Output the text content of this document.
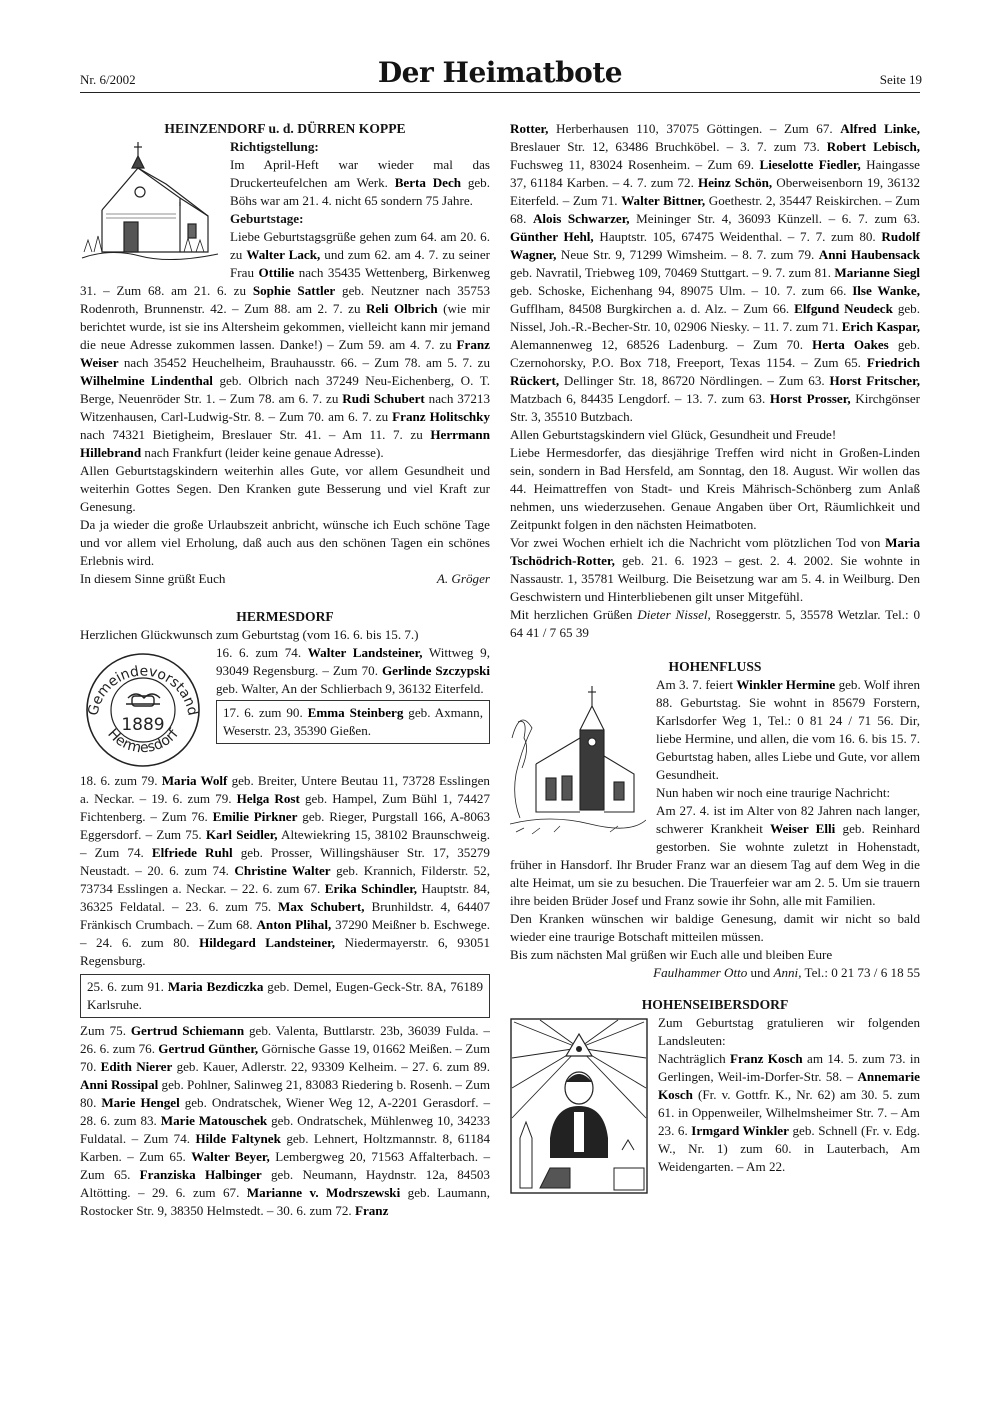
Nr. 6/2002	Der Heimatbote	Seite 19

HEINZENDORF u. d. DÜRREN KOPPE

Richtigstellung:
Im April-Heft war wieder mal das Druckerteufelchen am Werk. Berta Dech geb. Böhs war am 21. 4. nicht 65 sondern 75 Jahre.
Geburtstage:
Liebe Geburtstagsgrüße gehen zum 64. am 20. 6. zu Walter Lack, und zum 62. am 4. 7. zu seiner Frau Ottilie nach 35435 Wettenberg, Birkenweg 31. – Zum 68. am 21. 6. zu Sophie Sattler geb. Neutzner nach 35753 Rodenroth, Brunnenstr. 42. – Zum 88. am 2. 7. zu Reli Olbrich (wie mir berichtet wurde, ist sie ins Altersheim gekommen, vielleicht kann mir jemand die neue Adresse zukommen lassen. Danke!) – Zum 59. am 4. 7. zu Franz Weiser nach 35452 Heuchelheim, Brauhausstr. 66. – Zum 78. am 5. 7. zu Wilhelmine Lindenthal geb. Olbrich nach 37249 Neu-Eichenberg, O. T. Berge, Neuenröder Str. 1. – Zum 78. am 6. 7. zu Rudi Schubert nach 37213 Witzenhausen, Carl-Ludwig-Str. 8. – Zum 70. am 6. 7. zu Franz Holitschky nach 74321 Bietigheim, Breslauer Str. 41. – Am 11. 7. zu Herrmann Hillebrand nach Frankfurt (leider keine genaue Adresse).

Allen Geburtstagskindern weiterhin alles Gute, vor allem Gesundheit und weiterhin Gottes Segen. Den Kranken gute Besserung und viel Kraft zur Genesung.

Da ja wieder die große Urlaubszeit anbricht, wünsche ich Euch schöne Tage und vor allem viel Erholung, daß auch aus den schönen Tagen ein schönes Erlebnis wird.

In diesem Sinne grüßt Euch	A. Gröger

HERMESDORF

Herzlichen Glückwunsch zum Geburtstag (vom 16. 6. bis 15. 7.)

Gemeindevorstand
Hermesdorf
1889

16. 6. zum 74. Walter Landsteiner, Wittweg 9, 93049 Regensburg. – Zum 70. Gerlinde Szczypski geb. Walter, An der Schlierbach 9, 36132 Eiterfeld.

17. 6. zum 90. Emma Steinberg geb. Axmann, Weserstr. 23, 35390 Gießen.

18. 6. zum 79. Maria Wolf geb. Breiter, Untere Beutau 11, 73728 Esslingen a. Neckar. – 19. 6. zum 79. Helga Rost geb. Hampel, Zum Bühl 1, 74427 Fichtenberg. – Zum 76. Emilie Pirkner geb. Rieger, Purgstall 166, A-8063 Eggersdorf. – Zum 75. Karl Seidler, Altewiekring 15, 38102 Braunschweig. – Zum 74. Elfriede Ruhl geb. Prosser, Willingshäuser Str. 17, 35279 Neustadt. – 20. 6. zum 74. Christine Walter geb. Krannich, Filderstr. 52, 73734 Esslingen a. Neckar. – 22. 6. zum 67. Erika Schindler, Hauptstr. 84, 36325 Feldatal. – 23. 6. zum 75. Max Schubert, Brunhildstr. 4, 64407 Fränkisch Crumbach. – Zum 68. Anton Plihal, 37290 Meißner b. Eschwege. – 24. 6. zum 80. Hildegard Landsteiner, Niedermayerstr. 6, 93051 Regensburg.

25. 6. zum 91. Maria Bezdiczka geb. Demel, Eugen-Geck-Str. 8A, 76189 Karlsruhe.

Zum 75. Gertrud Schiemann geb. Valenta, Buttlarstr. 23b, 36039 Fulda. – 26. 6. zum 76. Gertrud Günther, Görnische Gasse 19, 01662 Meißen. – Zum 70. Edith Nierer geb. Kauer, Adlerstr. 22, 93309 Kelheim. – 27. 6. zum 89. Anni Rossipal geb. Pohlner, Salinweg 21, 83083 Riedering b. Rosenh. – Zum 80. Marie Hengel geb. Ondratschek, Wiener Weg 12, A-2201 Gerasdorf. – 28. 6. zum 83. Marie Matouschek geb. Ondratschek, Mühlenweg 10, 34233 Fuldatal. – Zum 74. Hilde Faltynek geb. Lehnert, Holtzmannstr. 8, 61184 Karben. – Zum 65. Walter Beyer, Lembergweg 20, 71563 Affalterbach. – Zum 65. Franziska Halbinger geb. Neumann, Haydnstr. 12a, 84503 Altötting. – 29. 6. zum 67. Marianne v. Modrszewski geb. Laumann, Rostocker Str. 9, 38350 Helmstedt. – 30. 6. zum 72. Franz

Rotter, Herberhausen 110, 37075 Göttingen. – Zum 67. Alfred Linke, Breslauer Str. 12, 63486 Bruchköbel. – 3. 7. zum 73. Robert Lebisch, Fuchsweg 11, 83024 Rosenheim. – Zum 69. Lieselotte Fiedler, Haingasse 37, 61184 Karben. – 4. 7. zum 72. Heinz Schön, Oberweisenborn 19, 36132 Eiterfeld. – Zum 71. Walter Bittner, Goethestr. 2, 35447 Reiskirchen. – Zum 68. Alois Schwarzer, Meininger Str. 4, 36093 Künzell. – 6. 7. zum 63. Günther Hehl, Hauptstr. 105, 67475 Weidenthal. – 7. 7. zum 80. Rudolf Wagner, Neue Str. 9, 71299 Wimsheim. – 8. 7. zum 79. Anni Haubensack geb. Navratil, Triebweg 109, 70469 Stuttgart. – 9. 7. zum 81. Marianne Siegl geb. Schoske, Eichenhang 94, 89075 Ulm. – 10. 7. zum 66. Ilse Wanke, Gufflham, 84508 Burgkirchen a. d. Alz. – Zum 66. Elfgund Neudeck geb. Nissel, Joh.-R.-Becher-Str. 10, 02906 Niesky. – 11. 7. zum 71. Erich Kaspar, Alemannenweg 12, 68526 Ladenburg. – Zum 70. Herta Oakes geb. Czernohorsky, P.O. Box 718, Freeport, Texas 1154. – Zum 65. Friedrich Rückert, Dellinger Str. 18, 86720 Nördlingen. – Zum 63. Horst Fritscher, Matzbach 6, 84435 Lengdorf. – 13. 7. zum 63. Horst Prosser, Kirchgönser Str. 3, 35510 Butzbach.

Allen Geburtstagskindern viel Glück, Gesundheit und Freude!

Liebe Hermesdorfer, das diesjährige Treffen wird nicht in Großen-Linden sein, sondern in Bad Hersfeld, am Sonntag, den 18. August. Wir wollen das 44. Heimattreffen von Stadt- und Kreis Mährisch-Schönberg zum Anlaß nehmen, uns wiederzusehen. Genaue Angaben über Ort, Räumlichkeit und Zeitpunkt folgen in den nächsten Heimatboten.

Vor zwei Wochen erhielt ich die Nachricht vom plötzlichen Tod von Maria Tschödrich-Rotter, geb. 21. 6. 1923 – gest. 2. 4. 2002. Sie wohnte in Nassaustr. 1, 35781 Weilburg. Die Beisetzung war am 5. 4. in Weilburg. Den Geschwistern und Hinterbliebenen gilt unser Mitgefühl.

Mit herzlichen Grüßen Dieter Nissel, Roseggerstr. 5, 35578 Wetzlar. Tel.: 0 64 41 / 7 65 39

HOHENFLUSS

Am 3. 7. feiert Winkler Hermine geb. Wolf ihren 88. Geburtstag. Sie wohnt in 85679 Forstern, Karlsdorfer Weg 1, Tel.: 0 81 24 / 71 56. Dir, liebe Hermine, und allen, die vom 16. 6. bis 15. 7. Geburtstag haben, alles Liebe und Gute, vor allem Gesundheit.

Nun haben wir noch eine traurige Nachricht:

Am 27. 4. ist im Alter von 82 Jahren nach langer, schwerer Krankheit Weiser Elli geb. Reinhard gestorben. Sie wohnte zuletzt in Hohenstadt, früher in Hansdorf. Ihr Bruder Franz war an diesem Tag auf dem Weg in die alte Heimat, um sie zu besuchen. Die Trauerfeier war am 2. 5. Um sie trauern ihre beiden Brüder Josef und Franz sowie ihr Sohn, alle mit Familien.

Den Kranken wünschen wir baldige Genesung, damit wir nicht so bald wieder eine traurige Botschaft mitteilen müssen.

Bis zum nächsten Mal grüßen wir Euch alle und bleiben Eure

Faulhammer Otto und Anni, Tel.: 0 21 73 / 6 18 55

HOHENSEIBERSDORF

Zum Geburtstag gratulieren wir folgenden Landsleuten:

Nachträglich Franz Kosch am 14. 5. zum 73. in Gerlingen, Weil-im-Dorfer-Str. 58. – Annemarie Kosch (Fr. v. Gottfr. K., Nr. 62) am 30. 5. zum 61. in Oppenweiler, Wilhelmsheimer Str. 7. – Am 23. 6. Irmgard Winkler geb. Schnell (Fr. v. Edg. W., Nr. 1) zum 60. in Lauterbach, Am Weidengarten. – Am 22.
